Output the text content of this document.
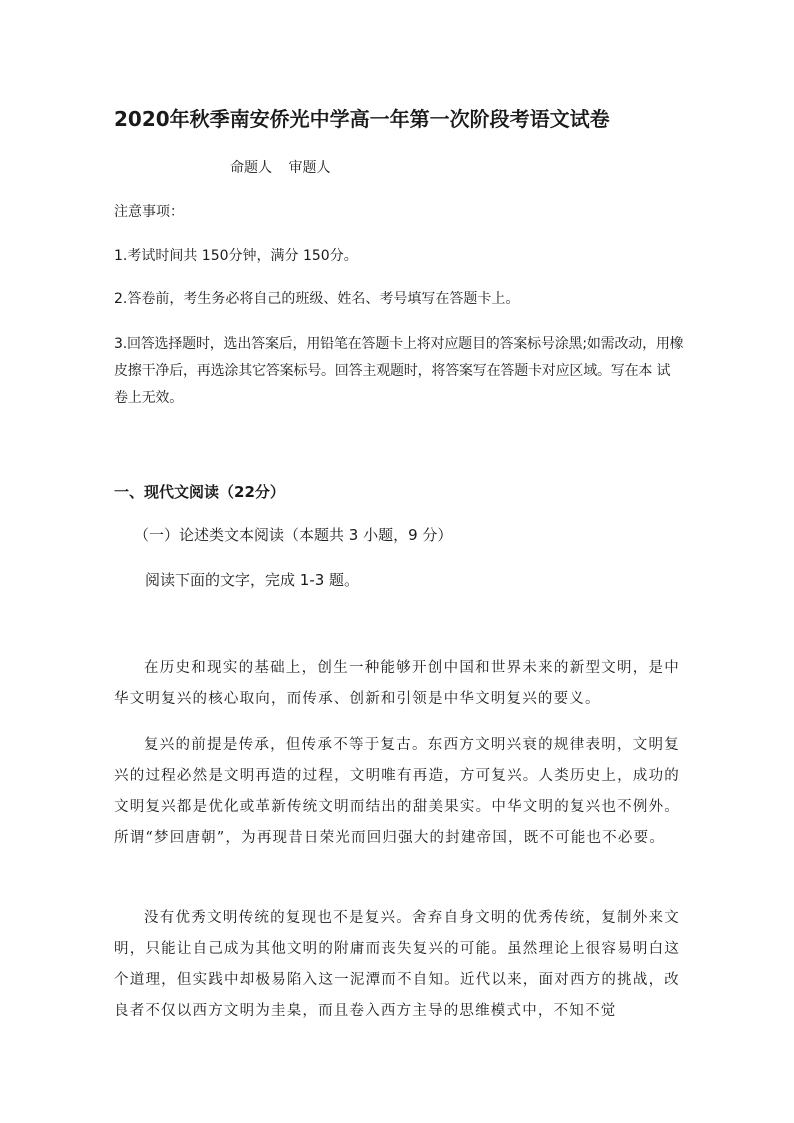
2020年秋季南安侨光中学高一年第一次阶段考语文试卷
命题人 审题人
注意事项：
1.考试时间共 150分钟，满分 150分。
2.答卷前，考生务必将自己的班级、姓名、考号填写在答题卡上。
3.回答选择题时，选出答案后，用铅笔在答题卡上将对应题目的答案标号涂黑;如需改动，用橡皮擦干净后，再选涂其它答案标号。回答主观题时，将答案写在答题卡对应区域。写在本 试卷上无效。
一、现代文阅读（22分）
（一）论述类文本阅读（本题共 3 小题，9 分）
阅读下面的文字，完成 1-3 题。

在历史和现实的基础上，创生一种能够开创中国和世界未来的新型文明，是中华文明复兴的核心取向，而传承、创新和引领是中华文明复兴的要义。

复兴的前提是传承，但传承不等于复古。东西方文明兴衰的规律表明，文明复兴的过程必然是文明再造的过程，文明唯有再造，方可复兴。人类历史上，成功的文明复兴都是优化或革新传统文明而结出的甜美果实。中华文明的复兴也不例外。所谓“梦回唐朝”，为再现昔日荣光而回归强大的封建帝国，既不可能也不必要。

没有优秀文明传统的复现也不是复兴。舍弃自身文明的优秀传统，复制外来文明，只能让自己成为其他文明的附庸而丧失复兴的可能。虽然理论上很容易明白这个道理，但实践中却极易陷入这一泥潭而不自知。近代以来，面对西方的挑战，改良者不仅以西方文明为圭臬，而且卷入西方主导的思维模式中，不知不觉
